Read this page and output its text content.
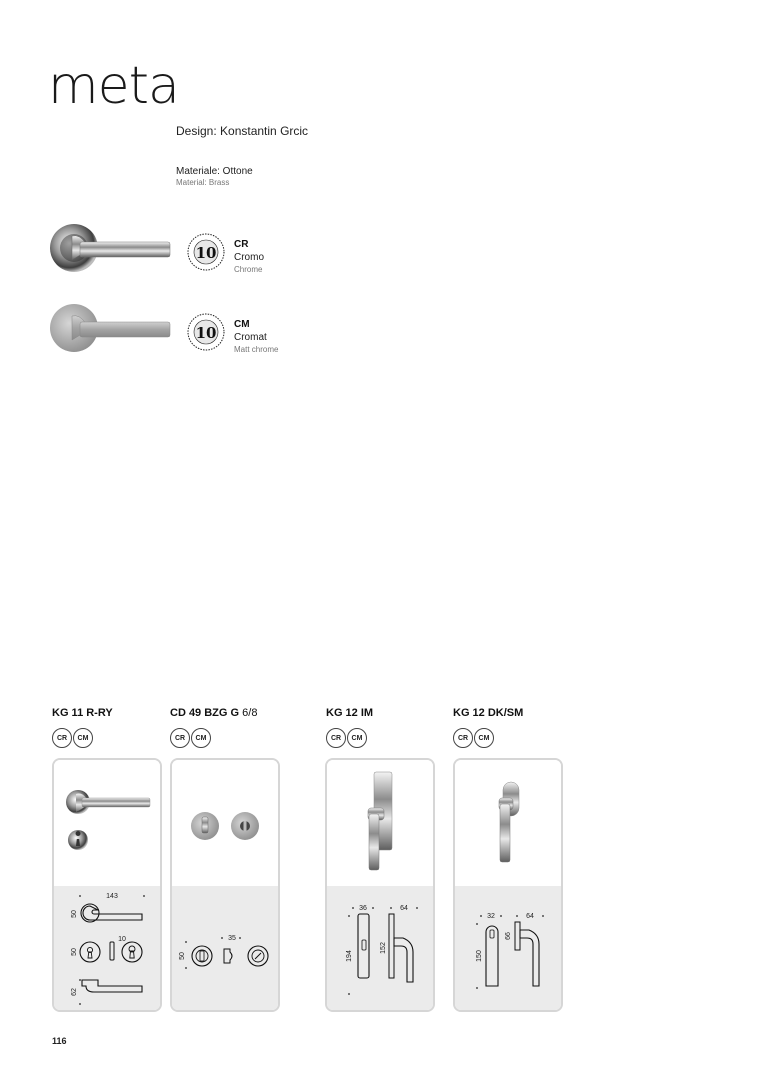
meta
Design: Konstantin Grcic
Materiale: Ottone
Material: Brass
10 CR
Cromo
Chrome
10 CM
Cromat
Matt chrome
KG 11 R-RY
CR	CM
143
50
50
10
62
CD 49 BZG G 6/8
CR	CM
50
35
KG 12 IM
CR	CM
36	64
194
152
KG 12 DK/SM
CR	CM
32	64
150
66
116
